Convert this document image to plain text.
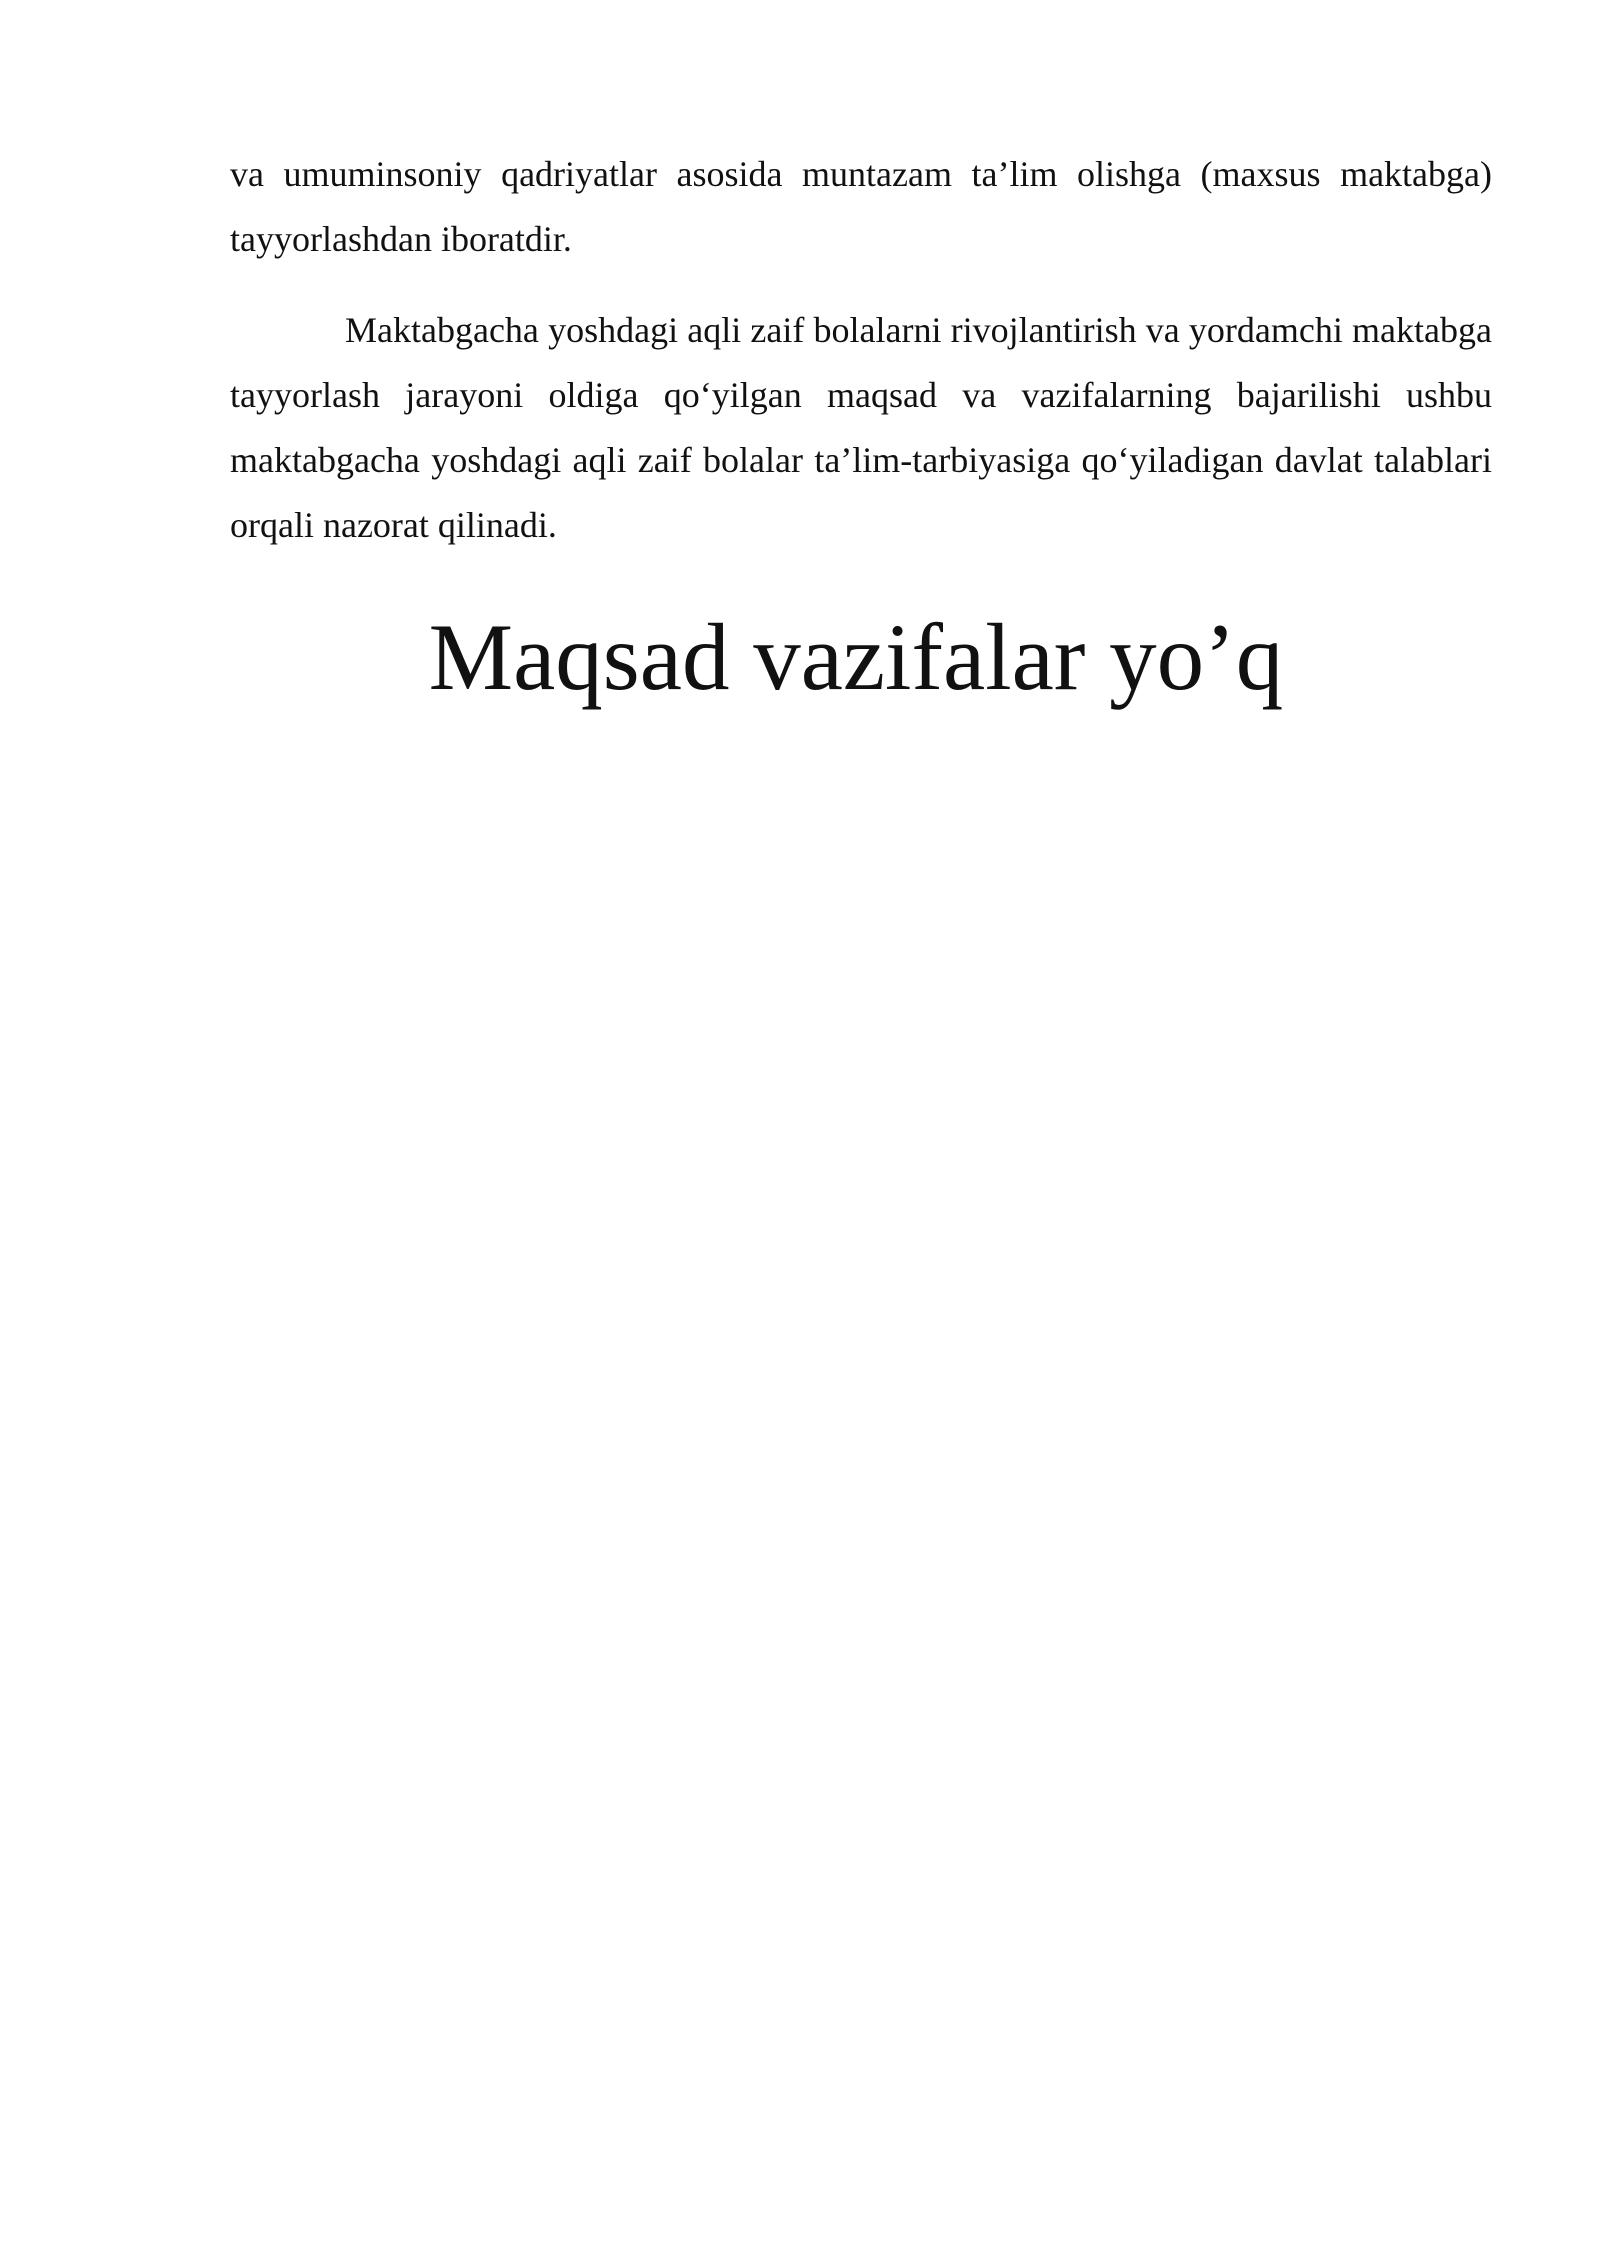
va umuminsoniy qadriyatlar asosida muntazam ta’lim olishga (maxsus maktabga) tayyorlashdan iboratdir.

Maktabgacha yoshdagi aqli zaif bolalarni rivojlantirish va yordamchi maktabga tayyorlash jarayoni oldiga qo‘yilgan maqsad va vazifalarning bajarilishi ushbu maktabgacha yoshdagi aqli zaif bolalar ta’lim-tarbiyasiga qo‘yiladigan davlat talablari orqali nazorat qilinadi.

Maqsad vazifalar yo’q
